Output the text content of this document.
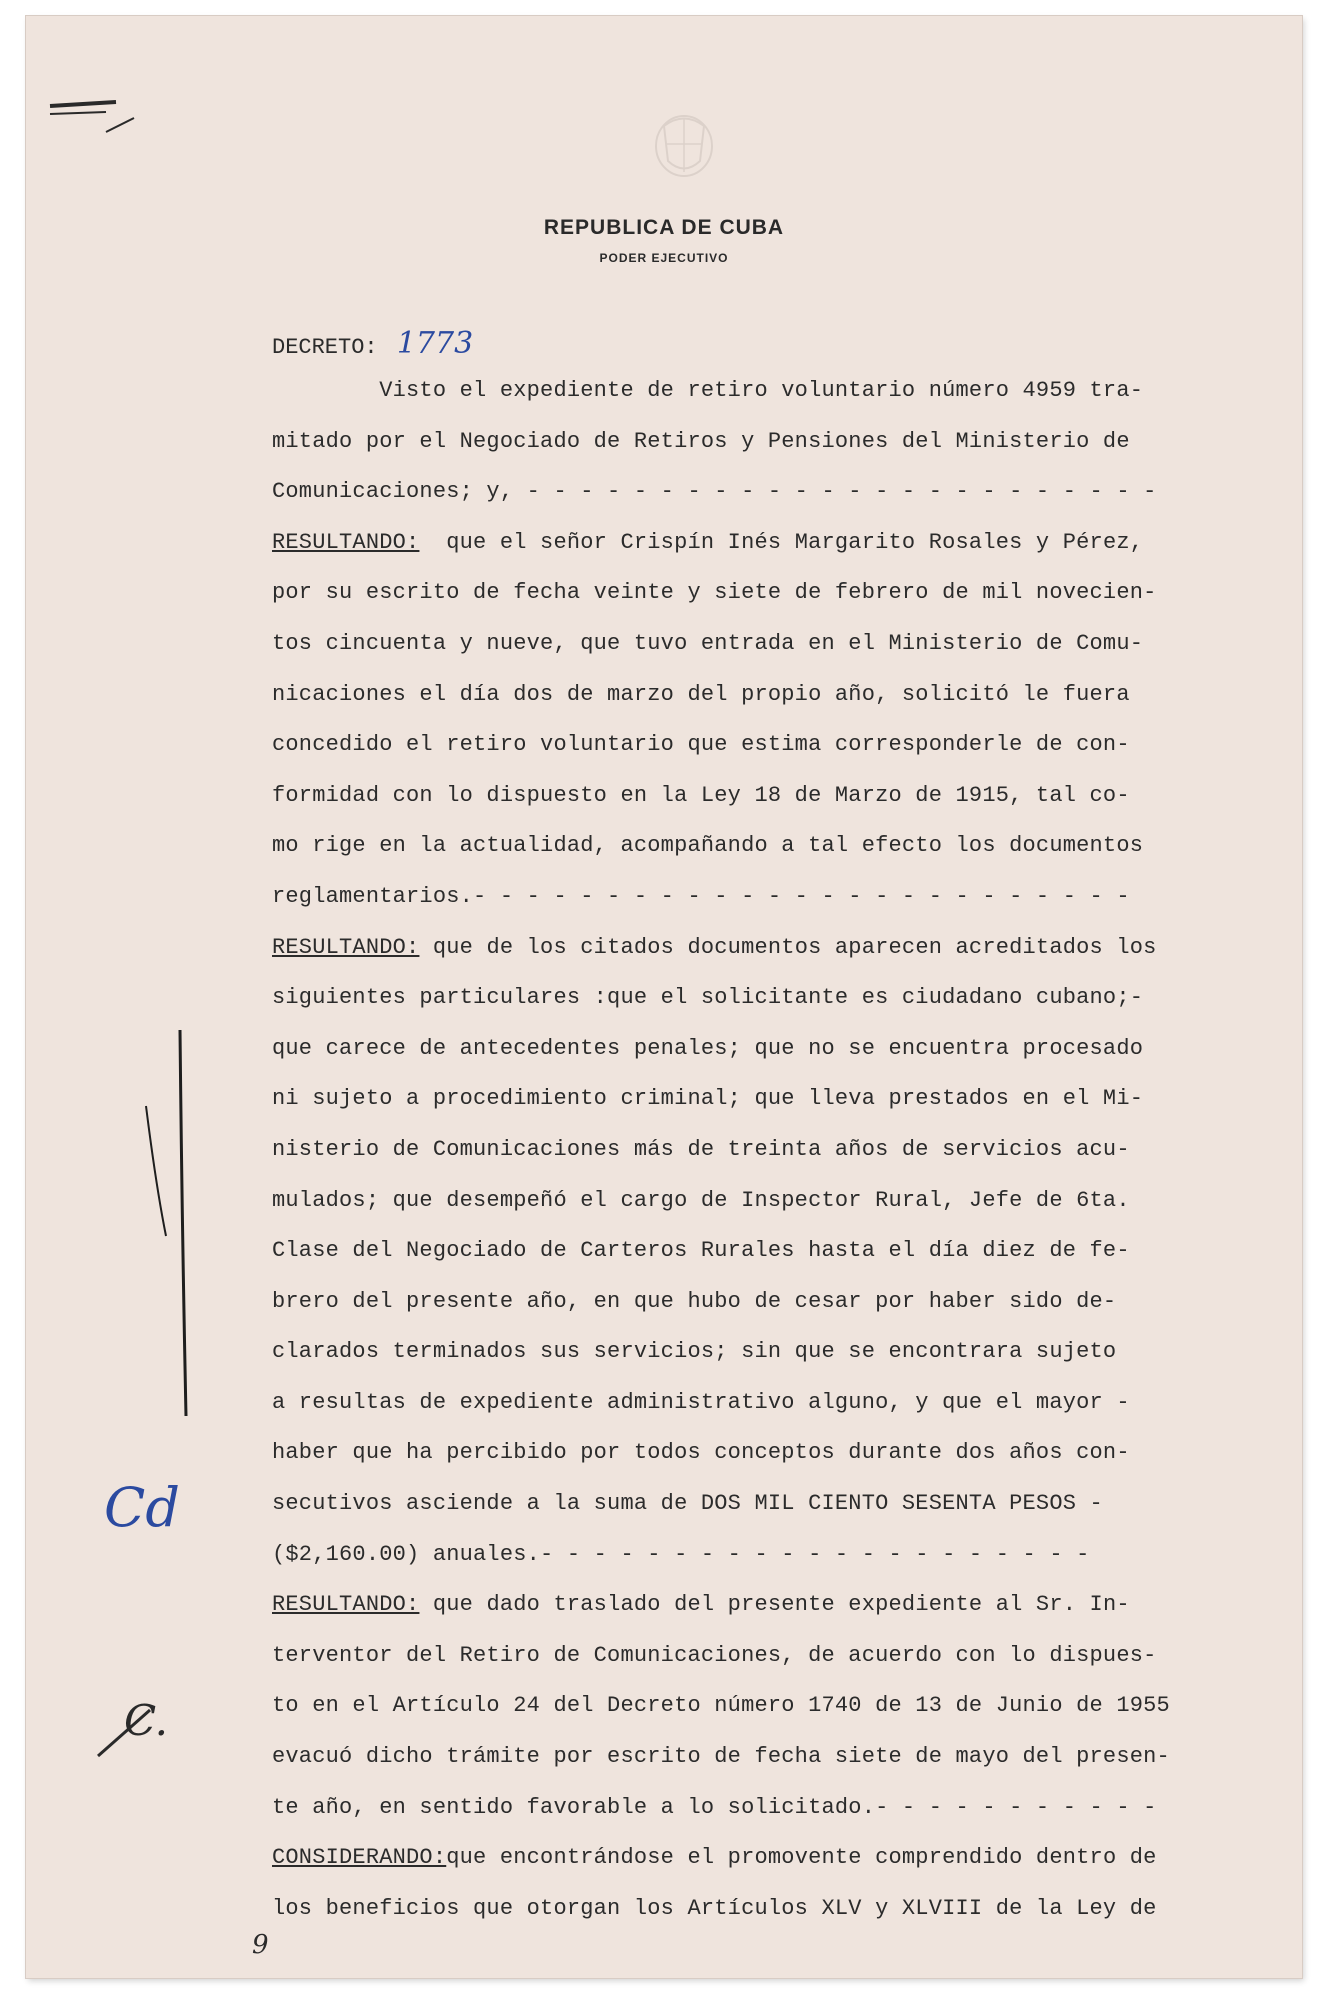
REPUBLICA DE CUBA
PODER EJECUTIVO
DECRETO: 1773
Visto el expediente de retiro voluntario número 4959 tra-
mitado por el Negociado de Retiros y Pensiones del Ministerio de
Comunicaciones; y, - - - - - - - - - - - - - - - - - - - - - - - -
RESULTANDO:  que el señor Crispín Inés Margarito Rosales y Pérez,
por su escrito de fecha veinte y siete de febrero de mil novecien-
tos cincuenta y nueve, que tuvo entrada en el Ministerio de Comu-
nicaciones el día dos de marzo del propio año, solicitó le fuera
concedido el retiro voluntario que estima corresponderle de con-
formidad con lo dispuesto en la Ley 18 de Marzo de 1915, tal co-
mo rige en la actualidad, acompañando a tal efecto los documentos
reglamentarios.- - - - - - - - - - - - - - - - - - - - - - - - -
RESULTANDO: que de los citados documentos aparecen acreditados los
siguientes particulares :que el solicitante es ciudadano cubano;-
que carece de antecedentes penales; que no se encuentra procesado
ni sujeto a procedimiento criminal; que lleva prestados en el Mi-
nisterio de Comunicaciones más de treinta años de servicios acu-
mulados; que desempeñó el cargo de Inspector Rural, Jefe de 6ta.
Clase del Negociado de Carteros Rurales hasta el día diez de fe-
brero del presente año, en que hubo de cesar por haber sido de-
clarados terminados sus servicios; sin que se encontrara sujeto
a resultas de expediente administrativo alguno, y que el mayor -
haber que ha percibido por todos conceptos durante dos años con-
secutivos asciende a la suma de DOS MIL CIENTO SESENTA PESOS -
($2,160.00) anuales.- - - - - - - - - - - - - - - - - - - - -
RESULTANDO: que dado traslado del presente expediente al Sr. In-
terventor del Retiro de Comunicaciones, de acuerdo con lo dispues-
to en el Artículo 24 del Decreto número 1740 de 13 de Junio de 1955
evacuó dicho trámite por escrito de fecha siete de mayo del presen-
te año, en sentido favorable a lo solicitado.- - - - - - - - - - -
CONSIDERANDO:que encontrándose el promovente comprendido dentro de
los beneficios que otorgan los Artículos XLV y XLVIII de la Ley de
Cd
C.
9
